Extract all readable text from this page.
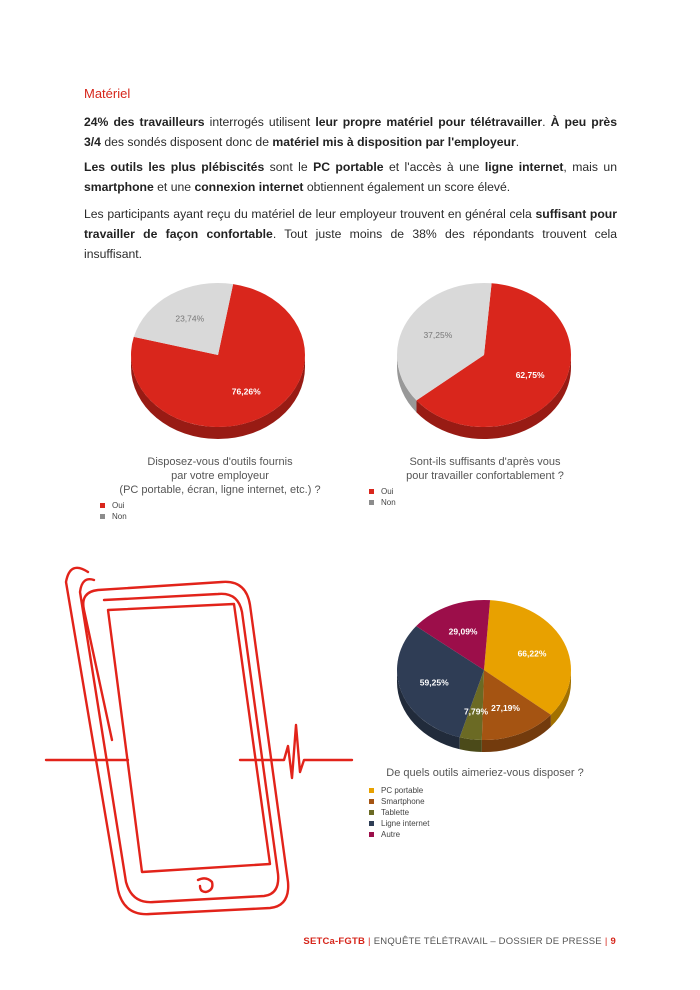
Matériel

24% des travailleurs interrogés utilisent leur propre matériel pour télétravailler. À peu près 3/4 des sondés disposent donc de matériel mis à disposition par l'employeur.

Les outils les plus plébiscités sont le PC portable et l'accès à une ligne internet, mais un smartphone et une connexion internet obtiennent également un score élevé.

Les participants ayant reçu du matériel de leur employeur trouvent en général cela suffisant pour travailler de façon confortable. Tout juste moins de 38% des répondants trouvent cela insuffisant.

76,26%
23,74%
Disposez-vous d'outils fournis
par votre employeur
(PC portable, écran, ligne internet, etc.) ?
Oui
Non
62,75%
37,25%
Sont-ils suffisants d'après vous
pour travailler confortablement ?
Oui
Non
66,22%
27,19%
7,79%
59,25%
29,09%
De quels outils aimeriez-vous disposer ?
PC portable
Smartphone
Tablette
Ligne internet
Autre
SETCa-FGTB | ENQUÊTE TÉLÉTRAVAIL – DOSSIER DE PRESSE | 9
